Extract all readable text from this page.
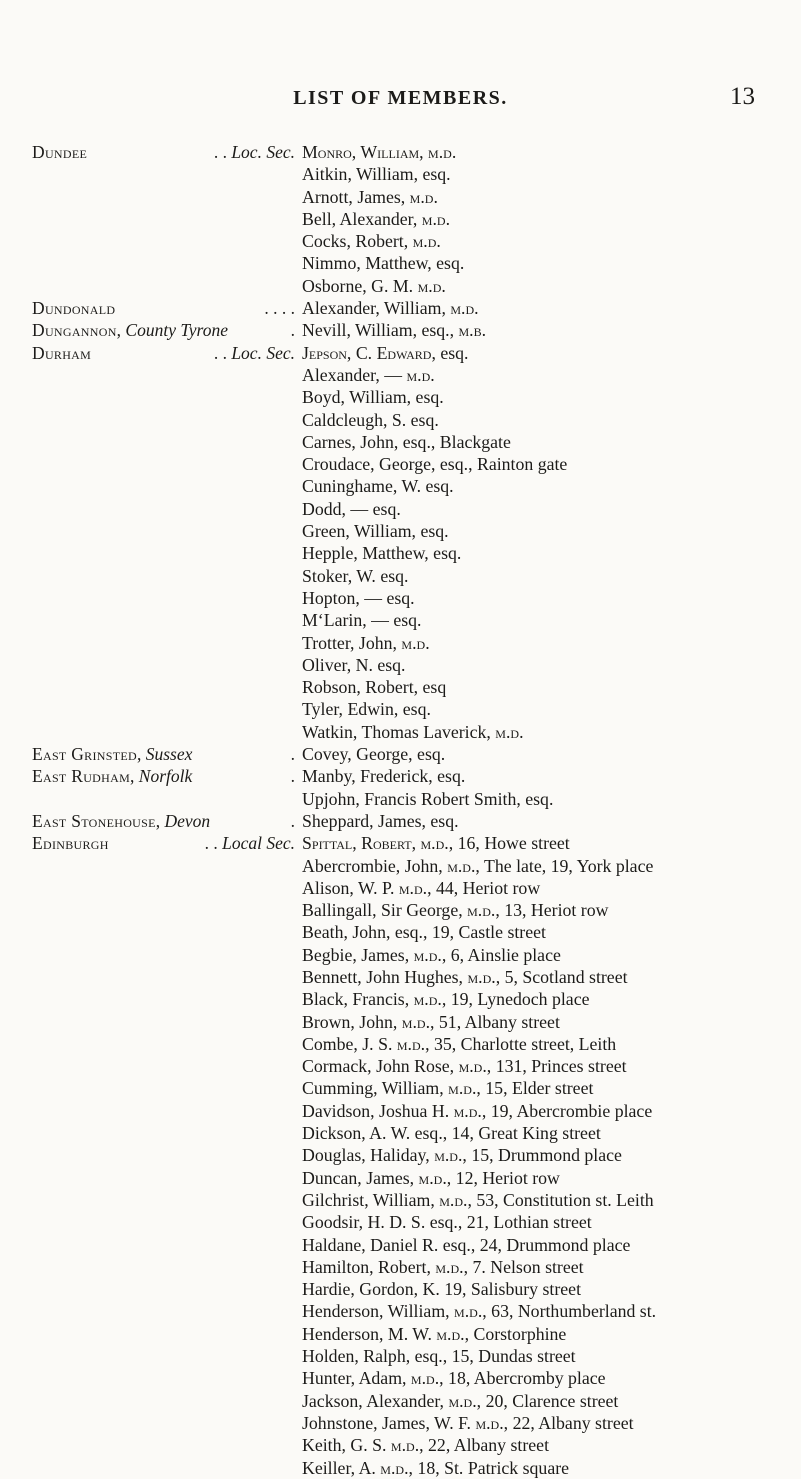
LIST OF MEMBERS.	13
Dundee	. . Loc. Sec. Monro, William, m.d.
Aitkin, William, esq.
Arnott, James, m.d.
Bell, Alexander, m.d.
Cocks, Robert, m.d.
Nimmo, Matthew, esq.
Osborne, G. M. m.d.
Dundonald	. . . . Alexander, William, m.d.
Dungannon, County Tyrone	. Nevill, William, esq., m.b.
Durham	. . Loc. Sec. Jepson, C. Edward, esq.
Alexander, — m.d.
Boyd, William, esq.
Caldcleugh, S. esq.
Carnes, John, esq., Blackgate
Croudace, George, esq., Rainton gate
Cuninghame, W. esq.
Dodd, — esq.
Green, William, esq.
Hepple, Matthew, esq.
Stoker, W. esq.
Hopton, — esq.
M‘Larin, — esq.
Trotter, John, m.d.
Oliver, N. esq.
Robson, Robert, esq
Tyler, Edwin, esq.
Watkin, Thomas Laverick, m.d.
East Grinsted, Sussex	. Covey, George, esq.
East Rudham, Norfolk	. Manby, Frederick, esq.
Upjohn, Francis Robert Smith, esq.
East Stonehouse, Devon	. Sheppard, James, esq.
Edinburgh	. . Local Sec. Spittal, Robert, m.d., 16, Howe street
Abercrombie, John, m.d., The late, 19, York place
Alison, W. P. m.d., 44, Heriot row
Ballingall, Sir George, m.d., 13, Heriot row
Beath, John, esq., 19, Castle street
Begbie, James, m.d., 6, Ainslie place
Bennett, John Hughes, m.d., 5, Scotland street
Black, Francis, m.d., 19, Lynedoch place
Brown, John, m.d., 51, Albany street
Combe, J. S. m.d., 35, Charlotte street, Leith
Cormack, John Rose, m.d., 131, Princes street
Cumming, William, m.d., 15, Elder street
Davidson, Joshua H. m.d., 19, Abercrombie place
Dickson, A. W. esq., 14, Great King street
Douglas, Haliday, m.d., 15, Drummond place
Duncan, James, m.d., 12, Heriot row
Gilchrist, William, m.d., 53, Constitution st. Leith
Goodsir, H. D. S. esq., 21, Lothian street
Haldane, Daniel R. esq., 24, Drummond place
Hamilton, Robert, m.d., 7. Nelson street
Hardie, Gordon, K. 19, Salisbury street
Henderson, William, m.d., 63, Northumberland st.
Henderson, M. W. m.d., Corstorphine
Holden, Ralph, esq., 15, Dundas street
Hunter, Adam, m.d., 18, Abercromby place
Jackson, Alexander, m.d., 20, Clarence street
Johnstone, James, W. F. m.d., 22, Albany street
Keith, G. S. m.d., 22, Albany street
Keiller, A. m.d., 18, St. Patrick square
